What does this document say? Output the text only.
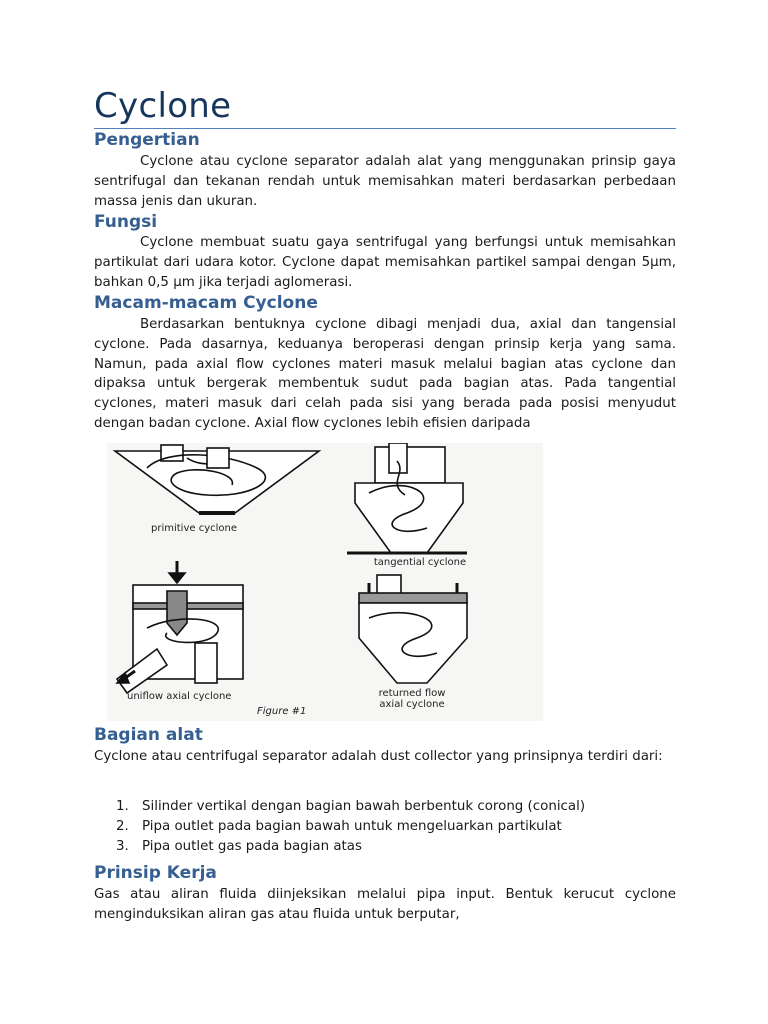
Cyclone
Pengertian

Cyclone atau cyclone separator adalah alat yang menggunakan prinsip gaya sentrifugal dan tekanan rendah untuk memisahkan materi berdasarkan perbedaan massa jenis dan ukuran.

Fungsi

Cyclone membuat suatu gaya sentrifugal yang berfungsi untuk memisahkan partikulat dari udara kotor. Cyclone dapat memisahkan partikel sampai dengan 5μm, bahkan 0,5 μm jika terjadi aglomerasi.

Macam-macam Cyclone

Berdasarkan bentuknya cyclone dibagi menjadi dua, axial dan tangensial cyclone. Pada dasarnya, keduanya beroperasi dengan prinsip kerja yang sama. Namun, pada axial flow cyclones materi masuk melalui bagian atas cyclone dan dipaksa untuk bergerak membentuk sudut pada bagian atas. Pada tangential cyclones, materi masuk dari celah pada sisi yang berada pada posisi menyudut dengan badan cyclone. Axial flow cyclones lebih efisien daripada

primitive cyclone
tangential cyclone
uniflow axial cyclone
Figure #1
returned flow
axial cyclone
Bagian alat

Cyclone atau centrifugal separator adalah dust collector yang prinsipnya terdiri dari:

1. Silinder vertikal dengan bagian bawah berbentuk corong (conical)
2. Pipa outlet pada bagian bawah untuk mengeluarkan partikulat
3. Pipa outlet gas pada bagian atas
Prinsip Kerja

Gas atau aliran fluida diinjeksikan melalui pipa input. Bentuk kerucut cyclone menginduksikan aliran gas atau fluida untuk berputar,
